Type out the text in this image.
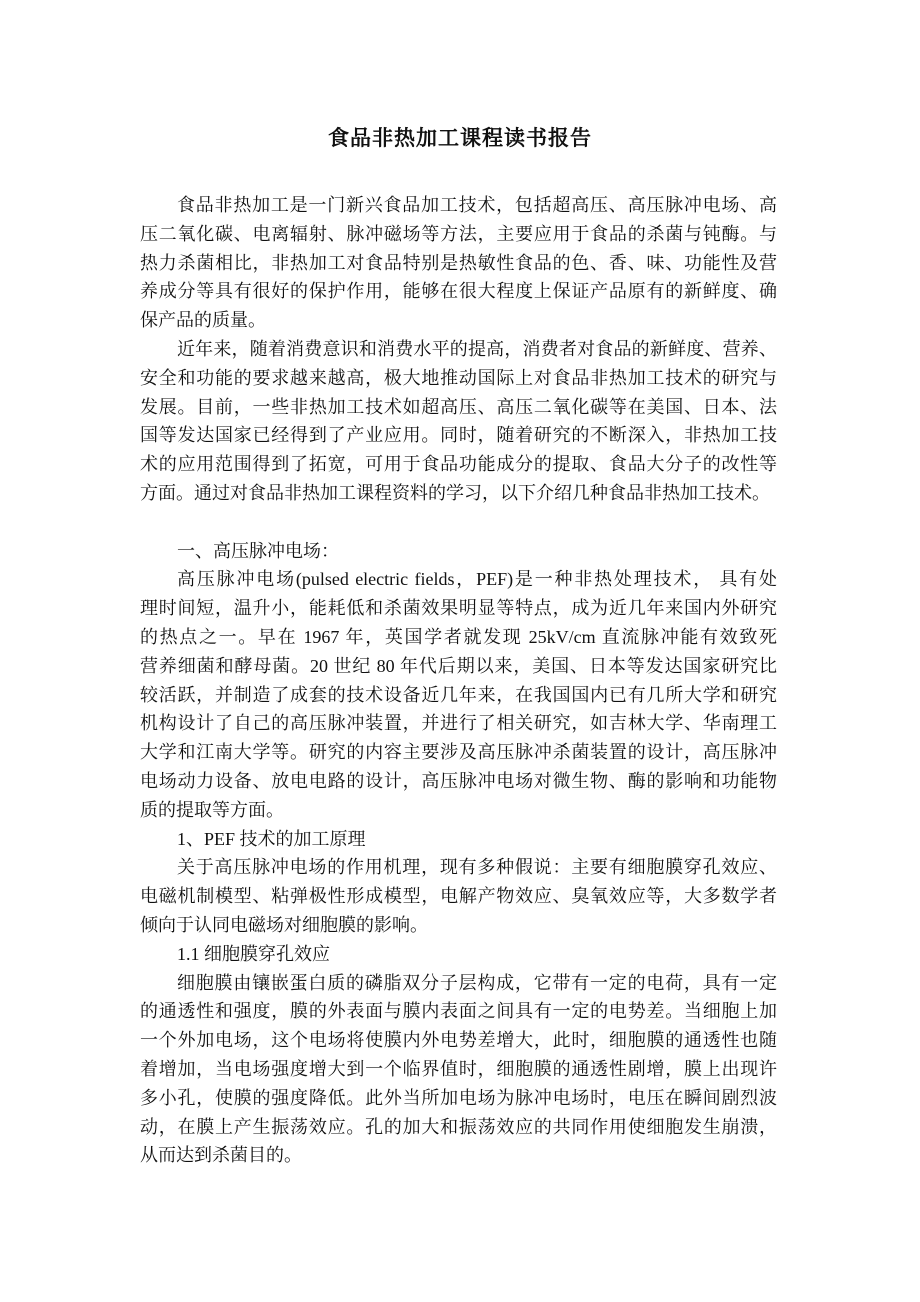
食品非热加工课程读书报告
食品非热加工是一门新兴食品加工技术，包括超高压、高压脉冲电场、高
压二氧化碳、电离辐射、脉冲磁场等方法，主要应用于食品的杀菌与钝酶。与
热力杀菌相比，非热加工对食品特别是热敏性食品的色、香、味、功能性及营
养成分等具有很好的保护作用，能够在很大程度上保证产品原有的新鲜度、确
保产品的质量。
近年来，随着消费意识和消费水平的提高，消费者对食品的新鲜度、营养、
安全和功能的要求越来越高，极大地推动国际上对食品非热加工技术的研究与
发展。目前，一些非热加工技术如超高压、高压二氧化碳等在美国、日本、法
国等发达国家已经得到了产业应用。同时，随着研究的不断深入，非热加工技
术的应用范围得到了拓宽，可用于食品功能成分的提取、食品大分子的改性等
方面。通过对食品非热加工课程资料的学习，以下介绍几种食品非热加工技术。
一、高压脉冲电场：
高压脉冲电场(pulsed electric fields，PEF)是一种非热处理技术， 具有处
理时间短，温升小，能耗低和杀菌效果明显等特点，成为近几年来国内外研究
的热点之一。早在 1967 年，英国学者就发现 25kV/cm 直流脉冲能有效致死
营养细菌和酵母菌。20 世纪 80 年代后期以来，美国、日本等发达国家研究比
较活跃，并制造了成套的技术设备近几年来，在我国国内已有几所大学和研究
机构设计了自己的高压脉冲装置，并进行了相关研究，如吉林大学、华南理工
大学和江南大学等。研究的内容主要涉及高压脉冲杀菌装置的设计，高压脉冲
电场动力设备、放电电路的设计，高压脉冲电场对微生物、酶的影响和功能物
质的提取等方面。
1、PEF 技术的加工原理
关于高压脉冲电场的作用机理，现有多种假说：主要有细胞膜穿孔效应、
电磁机制模型、粘弹极性形成模型，电解产物效应、臭氧效应等，大多数学者
倾向于认同电磁场对细胞膜的影响。
1.1 细胞膜穿孔效应
细胞膜由镶嵌蛋白质的磷脂双分子层构成，它带有一定的电荷，具有一定
的通透性和强度，膜的外表面与膜内表面之间具有一定的电势差。当细胞上加
一个外加电场，这个电场将使膜内外电势差增大，此时，细胞膜的通透性也随
着增加，当电场强度增大到一个临界值时，细胞膜的通透性剧增，膜上出现许
多小孔，使膜的强度降低。此外当所加电场为脉冲电场时，电压在瞬间剧烈波
动，在膜上产生振荡效应。孔的加大和振荡效应的共同作用使细胞发生崩溃，
从而达到杀菌目的。
